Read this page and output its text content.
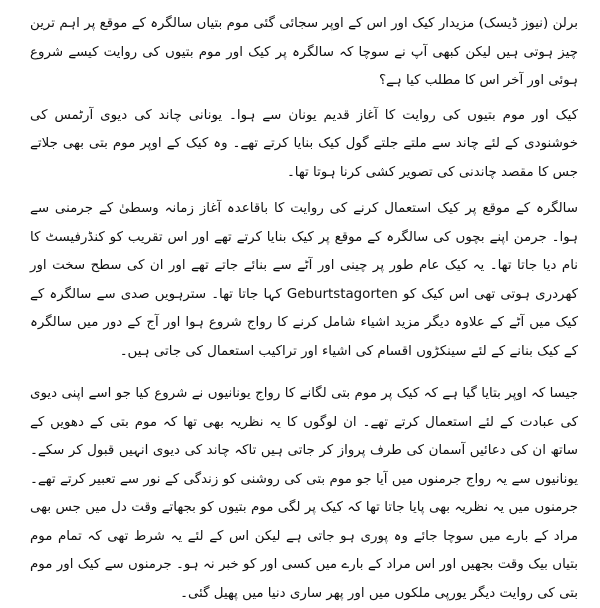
برلن (نیوز ڈیسک) مزیدار کیک اور اس کے اوپر سجائی گئی موم بتیاں سالگرہ کے موقع پر اہم ترین چیز ہوتی ہیں لیکن کبھی آپ نے سوچا کہ سالگرہ پر کیک اور موم بتیوں کی روایت کیسے شروع ہوئی اور آخر اس کا مطلب کیا ہے؟

کیک اور موم بتیوں کی روایت کا آغاز قدیم یونان سے ہوا۔ یونانی چاند کی دیوی آرٹمس کی خوشنودی کے لئے چاند سے ملتے جلتے گول کیک بنایا کرتے تھے۔ وہ کیک کے اوپر موم بتی بھی جلاتے جس کا مقصد چاندنی کی تصویر کشی کرنا ہوتا تھا۔

سالگرہ کے موقع پر کیک استعمال کرنے کی روایت کا باقاعدہ آغاز زمانہ وسطیٰ کے جرمنی سے ہوا۔ جرمن اپنے بچوں کی سالگرہ کے موقع پر کیک بنایا کرتے تھے اور اس تقریب کو کنڈرفیسٹ کا نام دیا جاتا تھا۔ یہ کیک عام طور پر چینی اور آٹے سے بنائے جاتے تھے اور ان کی سطح سخت اور کھردری ہوتی تھی اس کیک کو Geburtstagorten کہا جاتا تھا۔ سترہویں صدی سے سالگرہ کے کیک میں آٹے کے علاوہ دیگر مزید اشیاء شامل کرنے کا رواج شروع ہوا اور آج کے دور میں سالگرہ کے کیک بنانے کے لئے سینکڑوں اقسام کی اشیاء اور تراکیب استعمال کی جاتی ہیں۔

جیسا کہ اوپر بتایا گیا ہے کہ کیک پر موم بتی لگانے کا رواج یونانیوں نے شروع کیا جو اسے اپنی دیوی کی عبادت کے لئے استعمال کرتے تھے۔ ان لوگوں کا یہ نظریہ بھی تھا کہ موم بتی کے دھویں کے ساتھ ان کی دعائیں آسمان کی طرف پرواز کر جاتی ہیں تاکہ چاند کی دیوی انہیں قبول کر سکے۔ یونانیوں سے یہ رواج جرمنوں میں آیا جو موم بتی کی روشنی کو زندگی کے نور سے تعبیر کرتے تھے۔ جرمنوں میں یہ نظریہ بھی پایا جاتا تھا کہ کیک پر لگی موم بتیوں کو بجھاتے وقت دل میں جس بھی مراد کے بارے میں سوچا جائے وہ پوری ہو جاتی ہے لیکن اس کے لئے یہ شرط تھی کہ تمام موم بتیاں بیک وقت بجھیں اور اس مراد کے بارے میں کسی اور کو خبر نہ ہو۔ جرمنوں سے کیک اور موم بتی کی روایت دیگر یورپی ملکوں میں اور پھر ساری دنیا میں پھیل گئی۔
